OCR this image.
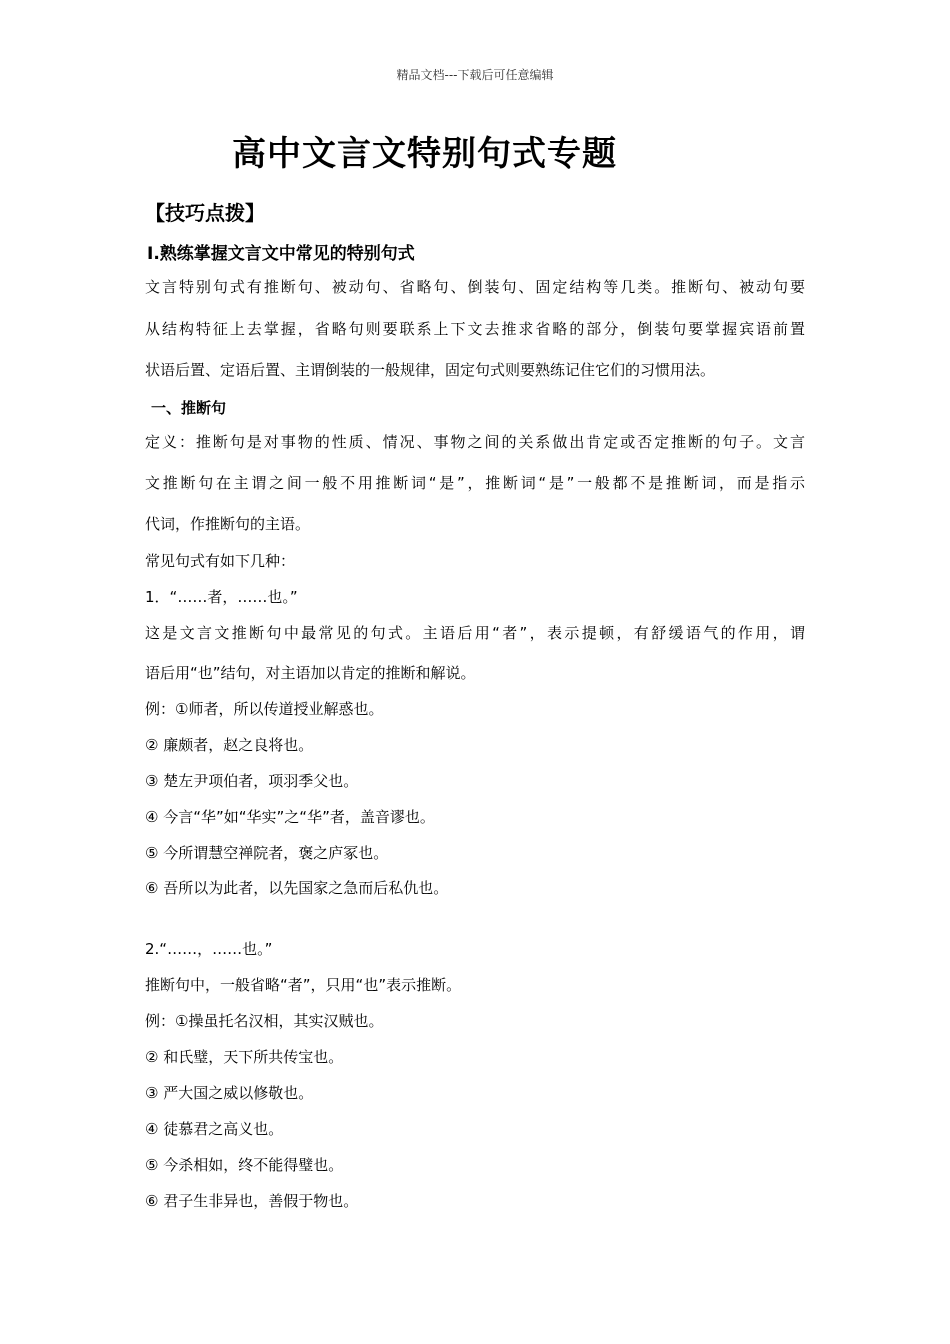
精品文档---下载后可任意编辑
高中文言文特别句式专题
【技巧点拨】
Ⅰ.熟练掌握文言文中常见的特别句式
文言特别句式有推断句、被动句、省略句、倒装句、固定结构等几类。推断句、被动句要
从结构特征上去掌握，省略句则要联系上下文去推求省略的部分，倒装句要掌握宾语前置
状语后置、定语后置、主谓倒装的一般规律，固定句式则要熟练记住它们的习惯用法。
一、推断句
定义：推断句是对事物的性质、情况、事物之间的关系做出肯定或否定推断的句子。文言
文推断句在主谓之间一般不用推断词“是”，推断词“是”一般都不是推断词，而是指示
代词，作推断句的主语。
常见句式有如下几种：
1．“……者，……也。”
这是文言文推断句中最常见的句式。主语后用“者”，表示提顿，有舒缓语气的作用，谓
语后用“也”结句，对主语加以肯定的推断和解说。
例：①师者，所以传道授业解惑也。
② 廉颇者，赵之良将也。
③ 楚左尹项伯者，项羽季父也。
④ 今言“华”如“华实”之“华”者，盖音谬也。
⑤ 今所谓慧空禅院者，褒之庐冢也。
⑥ 吾所以为此者，以先国家之急而后私仇也。
2.“……，……也。”
推断句中，一般省略“者”，只用“也”表示推断。
例：①操虽托名汉相，其实汉贼也。
② 和氏璧，天下所共传宝也。
③ 严大国之威以修敬也。
④ 徒慕君之高义也。
⑤ 今杀相如，终不能得璧也。
⑥ 君子生非异也，善假于物也。
